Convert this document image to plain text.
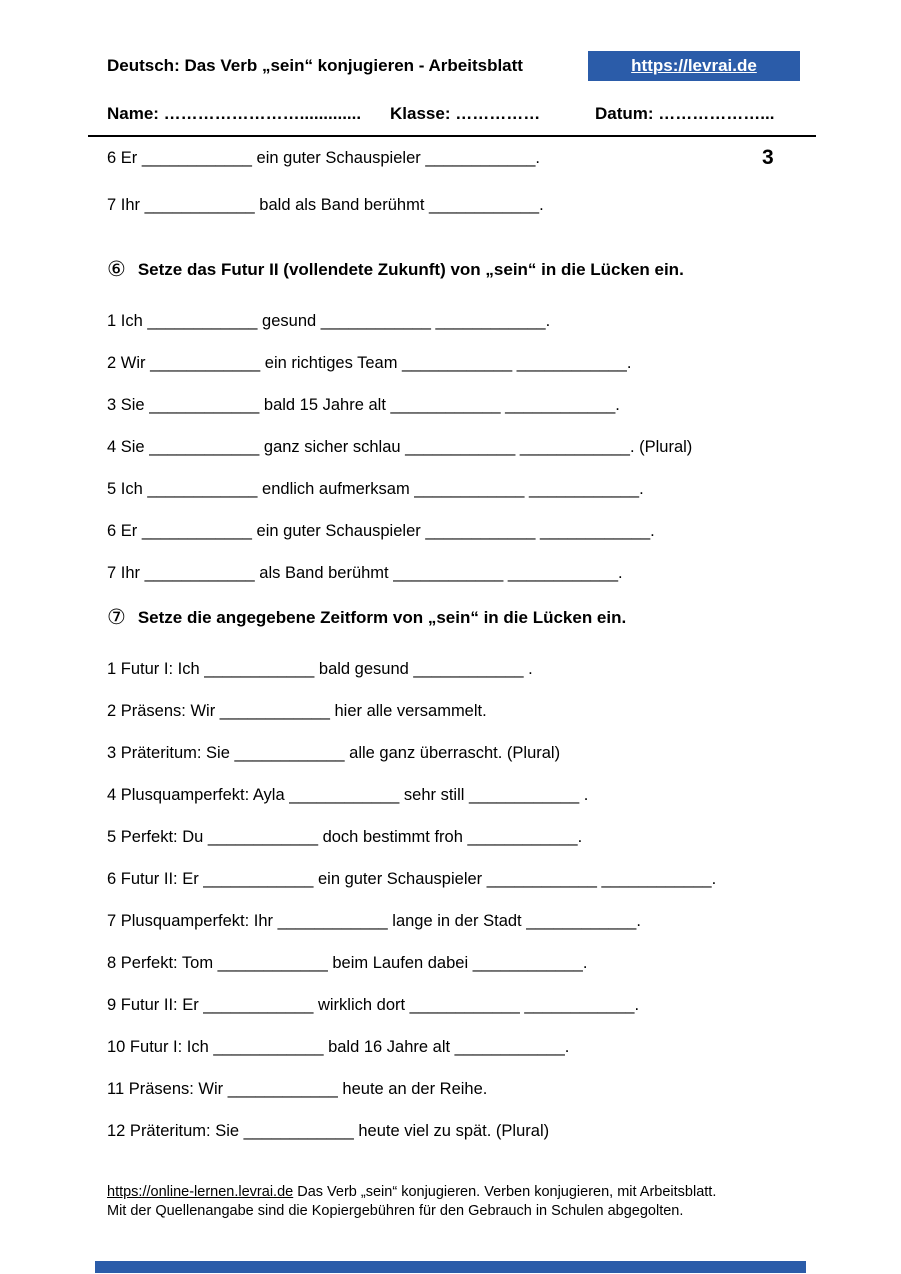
Deutsch: Das Verb „sein“ konjugieren - Arbeitsblatt	https://levrai.de
Name: …………………….............	Klasse: ……………	Datum: ………………...
3
6 Er ____________ ein guter Schauspieler ____________.
7 Ihr ____________ bald als Band berühmt ____________.
⑥ Setze das Futur II (vollendete Zukunft) von „sein“ in die Lücken ein.
1 Ich ____________ gesund ____________ ____________.
2 Wir ____________ ein richtiges Team ____________ ____________.
3 Sie ____________ bald 15 Jahre alt ____________ ____________.
4 Sie ____________ ganz sicher schlau ____________ ____________. (Plural)
5 Ich ____________ endlich aufmerksam ____________ ____________.
6 Er ____________ ein guter Schauspieler ____________ ____________.
7 Ihr ____________ als Band berühmt ____________ ____________.
⑦ Setze die angegebene Zeitform von „sein“ in die Lücken ein.
1 Futur I: Ich ____________ bald gesund ____________ .
2 Präsens: Wir ____________ hier alle versammelt.
3 Präteritum: Sie ____________ alle ganz überrascht. (Plural)
4 Plusquamperfekt: Ayla ____________ sehr still ____________ .
5 Perfekt: Du ____________ doch bestimmt froh ____________.
6 Futur II: Er ____________ ein guter Schauspieler ____________ ____________.
7 Plusquamperfekt: Ihr ____________ lange in der Stadt ____________.
8 Perfekt: Tom ____________ beim Laufen dabei ____________.
9 Futur II: Er ____________ wirklich dort ____________ ____________.
10 Futur I: Ich ____________ bald 16 Jahre alt ____________.
11 Präsens: Wir ____________ heute an der Reihe.
12 Präteritum: Sie ____________ heute viel zu spät. (Plural)
https://online-lernen.levrai.de Das Verb „sein“ konjugieren. Verben konjugieren, mit Arbeitsblatt.
Mit der Quellenangabe sind die Kopiergebühren für den Gebrauch in Schulen abgegolten.
